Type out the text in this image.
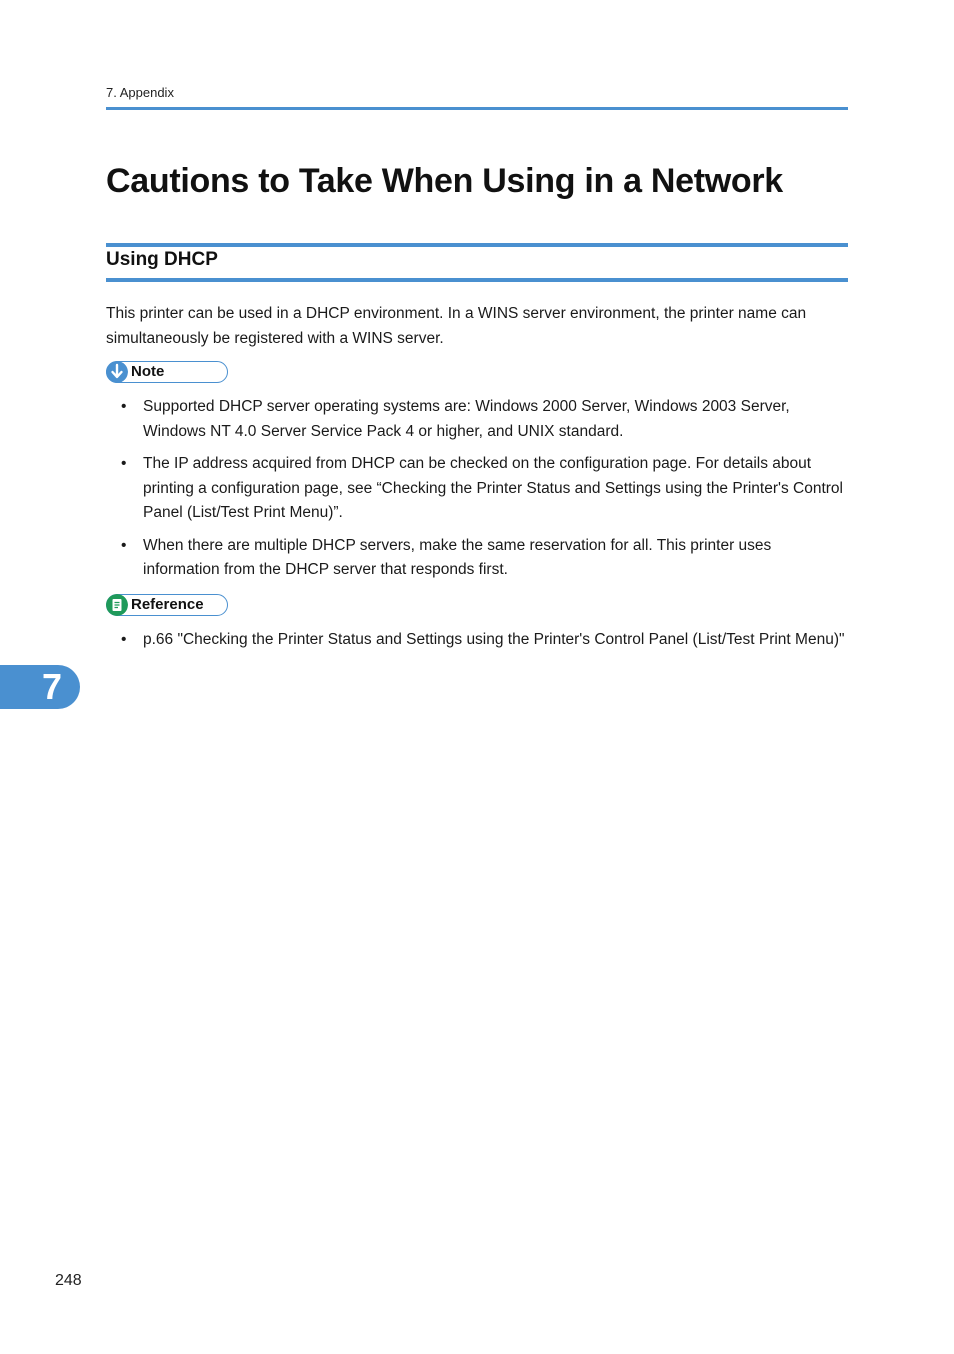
7. Appendix
Cautions to Take When Using in a Network
Using DHCP

This printer can be used in a DHCP environment. In a WINS server environment, the printer name can simultaneously be registered with a WINS server.

Note
• Supported DHCP server operating systems are: Windows 2000 Server, Windows 2003 Server, Windows NT 4.0 Server Service Pack 4 or higher, and UNIX standard.
• The IP address acquired from DHCP can be checked on the configuration page. For details about printing a configuration page, see “Checking the Printer Status and Settings using the Printer's Control Panel (List/Test Print Menu)”.
• When there are multiple DHCP servers, make the same reservation for all. This printer uses information from the DHCP server that responds first.
Reference
• p.66 "Checking the Printer Status and Settings using the Printer's Control Panel (List/Test Print Menu)"
7
248
